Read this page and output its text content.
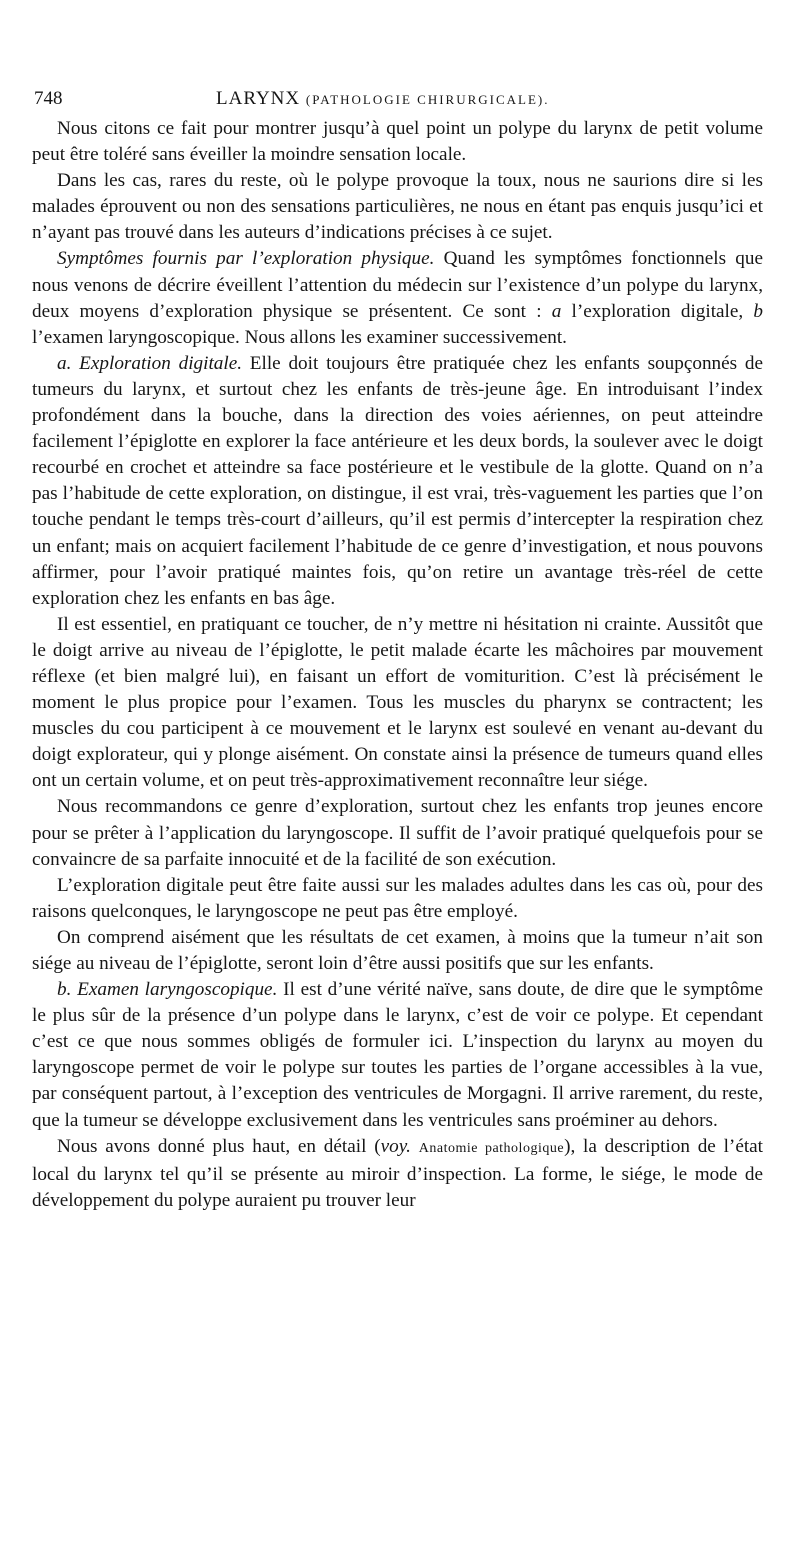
748	LARYNX (PATHOLOGIE CHIRURGICALE).

Nous citons ce fait pour montrer jusqu’à quel point un polype du larynx de petit volume peut être toléré sans éveiller la moindre sensation locale.

Dans les cas, rares du reste, où le polype provoque la toux, nous ne saurions dire si les malades éprouvent ou non des sensations particulières, ne nous en étant pas enquis jusqu’ici et n’ayant pas trouvé dans les auteurs d’indications précises à ce sujet.

Symptômes fournis par l’exploration physique. Quand les symptômes fonctionnels que nous venons de décrire éveillent l’attention du médecin sur l’existence d’un polype du larynx, deux moyens d’exploration physique se présentent. Ce sont : a l’exploration digitale, b l’examen laryngoscopique. Nous allons les examiner successivement.

a. Exploration digitale. Elle doit toujours être pratiquée chez les enfants soupçonnés de tumeurs du larynx, et surtout chez les enfants de très-jeune âge. En introduisant l’index profondément dans la bouche, dans la direction des voies aériennes, on peut atteindre facilement l’épiglotte en explorer la face antérieure et les deux bords, la soulever avec le doigt recourbé en crochet et atteindre sa face postérieure et le vestibule de la glotte. Quand on n’a pas l’habitude de cette exploration, on distingue, il est vrai, très-vaguement les parties que l’on touche pendant le temps très-court d’ailleurs, qu’il est permis d’intercepter la respiration chez un enfant; mais on acquiert facilement l’habitude de ce genre d’investigation, et nous pouvons affirmer, pour l’avoir pratiqué maintes fois, qu’on retire un avantage très-réel de cette exploration chez les enfants en bas âge.

Il est essentiel, en pratiquant ce toucher, de n’y mettre ni hésitation ni crainte. Aussitôt que le doigt arrive au niveau de l’épiglotte, le petit malade écarte les mâchoires par mouvement réflexe (et bien malgré lui), en faisant un effort de vomiturition. C’est là précisément le moment le plus propice pour l’examen. Tous les muscles du pharynx se contractent; les muscles du cou participent à ce mouvement et le larynx est soulevé en venant au-devant du doigt explorateur, qui y plonge aisément. On constate ainsi la présence de tumeurs quand elles ont un certain volume, et on peut très-approximativement reconnaître leur siége.

Nous recommandons ce genre d’exploration, surtout chez les enfants trop jeunes encore pour se prêter à l’application du laryngoscope. Il suffit de l’avoir pratiqué quelquefois pour se convaincre de sa parfaite innocuité et de la facilité de son exécution.

L’exploration digitale peut être faite aussi sur les malades adultes dans les cas où, pour des raisons quelconques, le laryngoscope ne peut pas être employé.

On comprend aisément que les résultats de cet examen, à moins que la tumeur n’ait son siége au niveau de l’épiglotte, seront loin d’être aussi positifs que sur les enfants.

b. Examen laryngoscopique. Il est d’une vérité naïve, sans doute, de dire que le symptôme le plus sûr de la présence d’un polype dans le larynx, c’est de voir ce polype. Et cependant c’est ce que nous sommes obligés de formuler ici. L’inspection du larynx au moyen du laryngoscope permet de voir le polype sur toutes les parties de l’organe accessibles à la vue, par conséquent partout, à l’exception des ventricules de Morgagni. Il arrive rarement, du reste, que la tumeur se développe exclusivement dans les ventricules sans proéminer au dehors.

Nous avons donné plus haut, en détail (voy. Anatomie pathologique), la description de l’état local du larynx tel qu’il se présente au miroir d’inspection. La forme, le siége, le mode de développement du polype auraient pu trouver leur
